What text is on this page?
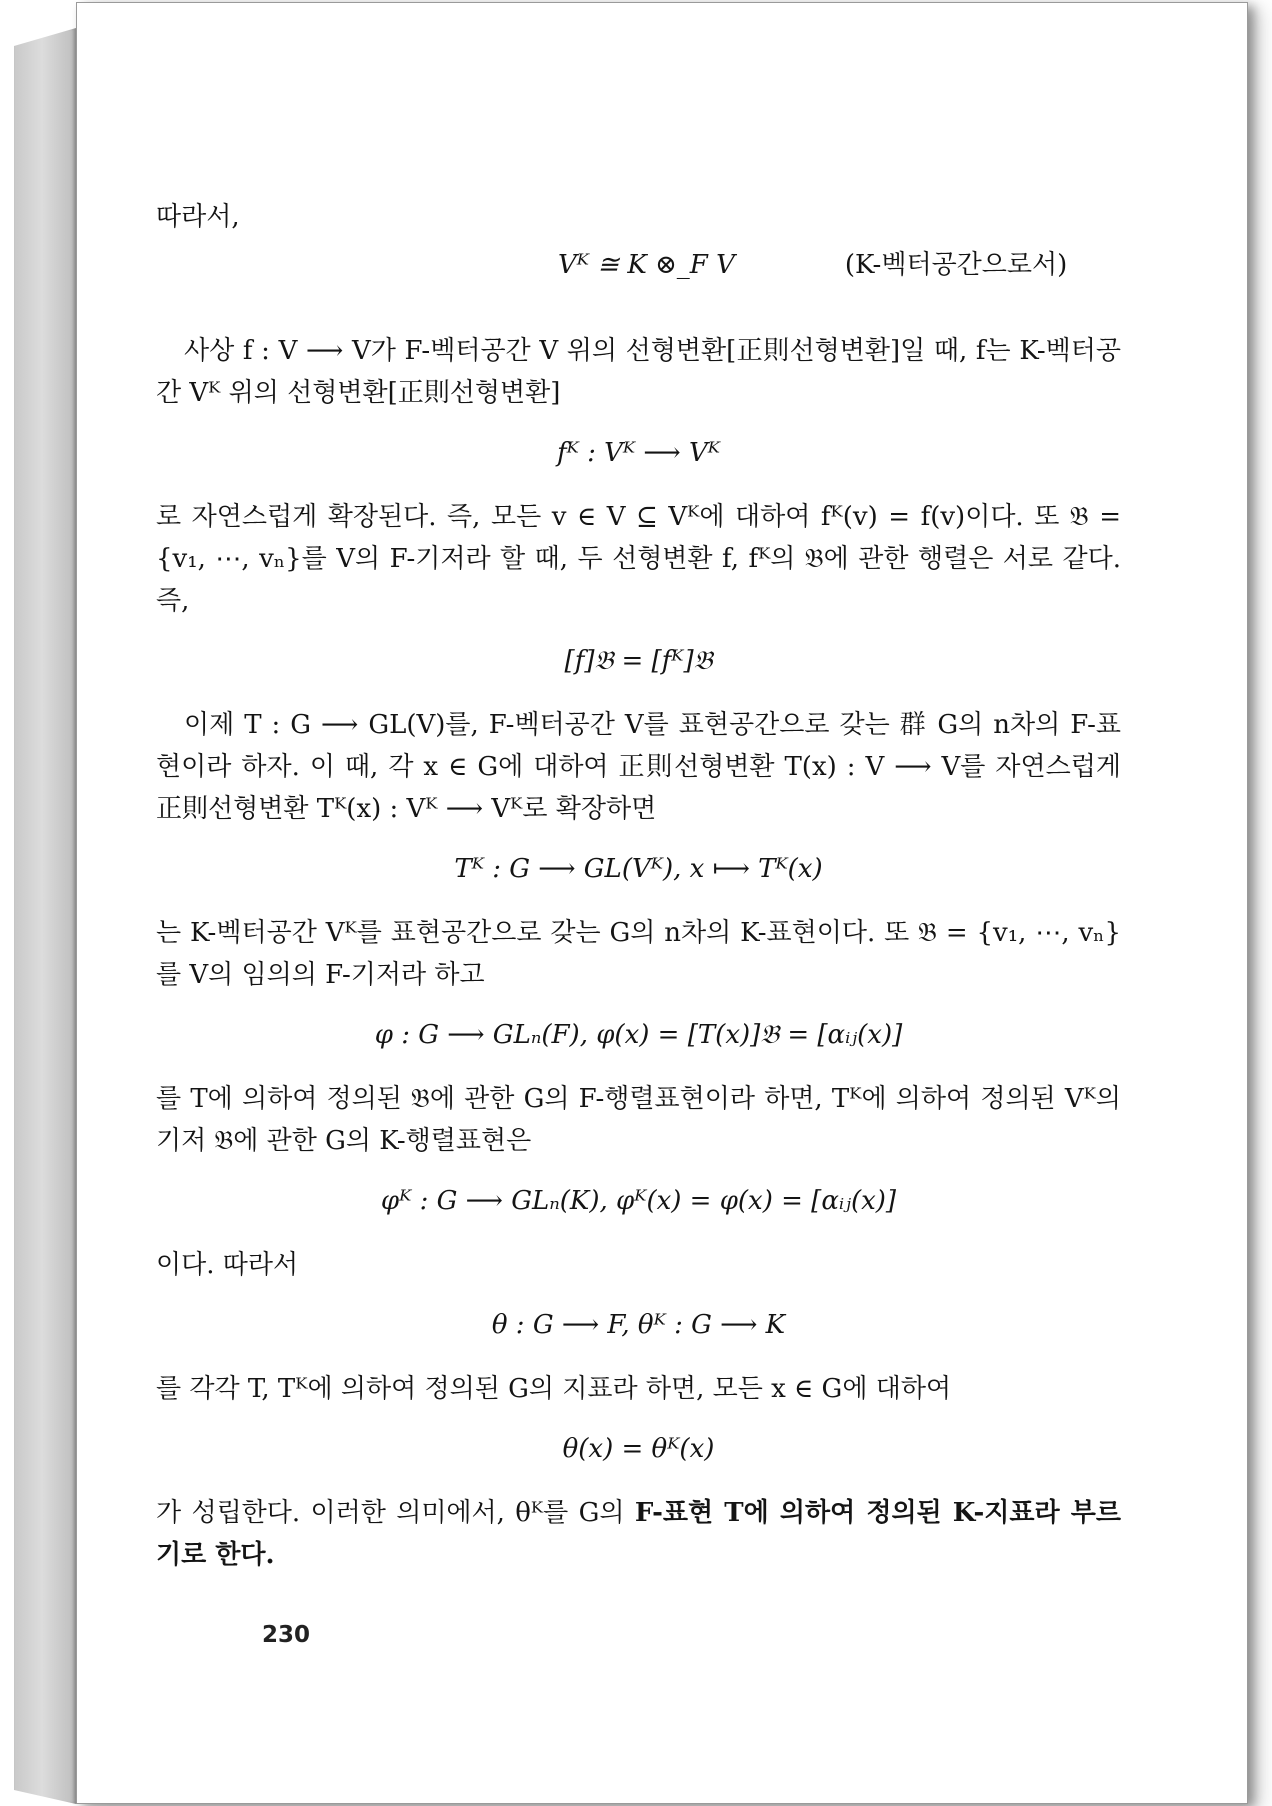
따라서,

Vᴷ ≅ K ⊗_F V	(K-벡터공간으로서)

사상 f : V ⟶ V가 F-벡터공간 V 위의 선형변환[正則선형변환]일 때, f는 K-벡터공간 Vᴷ 위의 선형변환[正則선형변환]

fᴷ : Vᴷ ⟶ Vᴷ

로 자연스럽게 확장된다. 즉, 모든 v ∈ V ⊆ Vᴷ에 대하여 fᴷ(v) = f(v)이다. 또 𝔅 = {v₁, ⋯, vₙ}를 V의 F-기저라 할 때, 두 선형변환 f, fᴷ의 𝔅에 관한 행렬은 서로 같다. 즉,

[f]𝔅 = [fᴷ]𝔅

이제 T : G ⟶ GL(V)를, F-벡터공간 V를 표현공간으로 갖는 群 G의 n차의 F-표현이라 하자. 이 때, 각 x ∈ G에 대하여 正則선형변환 T(x) : V ⟶ V를 자연스럽게 正則선형변환 Tᴷ(x) : Vᴷ ⟶ Vᴷ로 확장하면

Tᴷ : G ⟶ GL(Vᴷ), x ⟼ Tᴷ(x)

는 K-벡터공간 Vᴷ를 표현공간으로 갖는 G의 n차의 K-표현이다. 또 𝔅 = {v₁, ⋯, vₙ}를 V의 임의의 F-기저라 하고

φ : G ⟶ GLₙ(F), φ(x) = [T(x)]𝔅 = [αᵢⱼ(x)]

를 T에 의하여 정의된 𝔅에 관한 G의 F-행렬표현이라 하면, Tᴷ에 의하여 정의된 Vᴷ의 기저 𝔅에 관한 G의 K-행렬표현은

φᴷ : G ⟶ GLₙ(K), φᴷ(x) = φ(x) = [αᵢⱼ(x)]

이다. 따라서

θ : G ⟶ F, θᴷ : G ⟶ K

를 각각 T, Tᴷ에 의하여 정의된 G의 지표라 하면, 모든 x ∈ G에 대하여

θ(x) = θᴷ(x)

가 성립한다. 이러한 의미에서, θᴷ를 G의 F-표현 T에 의하여 정의된 K-지표라 부르기로 한다.

230
